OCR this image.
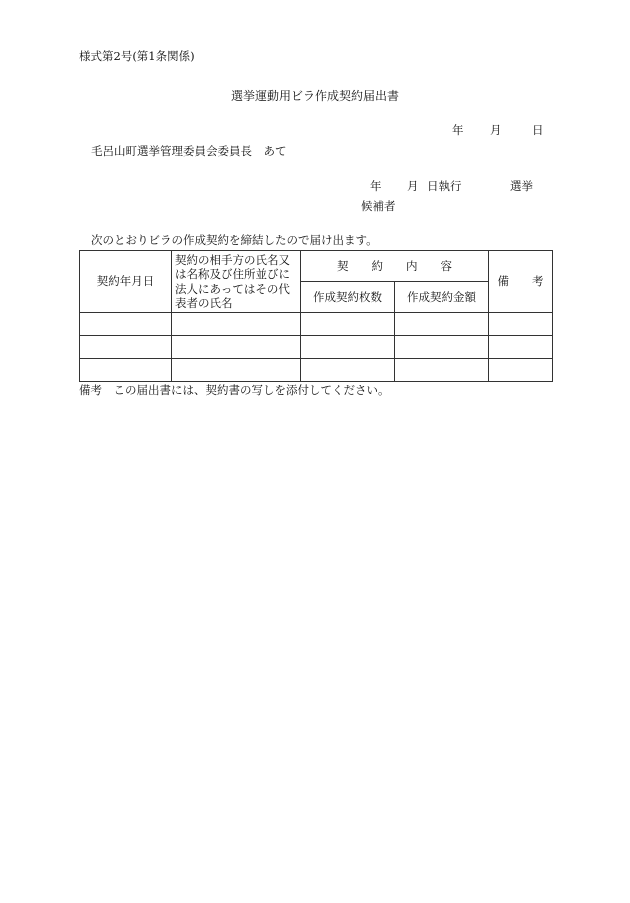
様式第2号(第1条関係)
選挙運動用ビラ作成契約届出書
年 月	日
毛呂山町選挙管理委員会委員長　あて
年 月 日執行	選挙
候補者
次のとおりビラの作成契約を締結したので届け出ます。
契約年月日	契約の相手方の氏名又は名称及び住所並びに法人にあってはその代表者の氏名	契　　約　　内　　容		備　　考
		作成契約枚数	作成契約金額	

備考　この届出書には、契約書の写しを添付してください。
